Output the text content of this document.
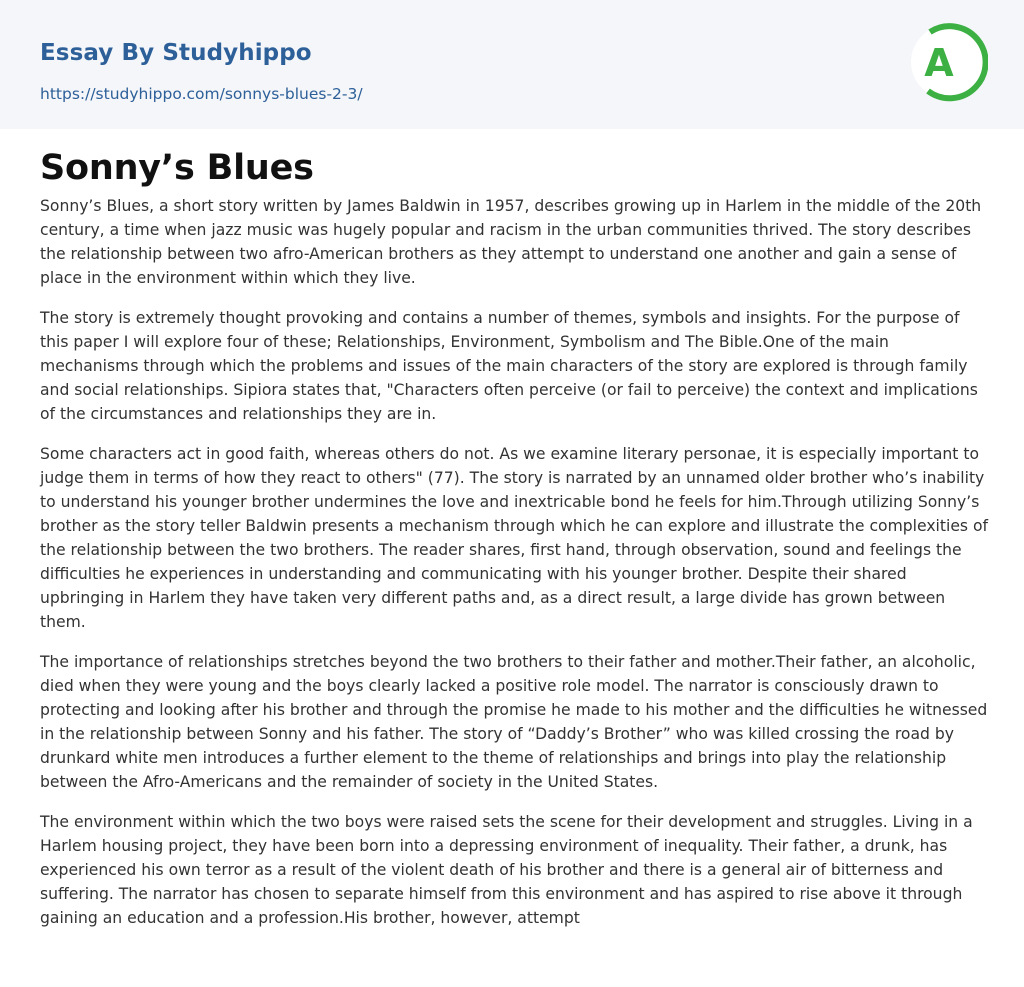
Essay By Studyhippo
https://studyhippo.com/sonnys-blues-2-3/
A
Sonny’s Blues

Sonny’s Blues, a short story written by James Baldwin in 1957, describes growing up in Harlem in the middle of the 20th century, a time when jazz music was hugely popular and racism in the urban communities thrived. The story describes the relationship between two afro-American brothers as they attempt to understand one another and gain a sense of place in the environment within which they live.

The story is extremely thought provoking and contains a number of themes, symbols and insights. For the purpose of this paper I will explore four of these; Relationships, Environment, Symbolism and The Bible.One of the main mechanisms through which the problems and issues of the main characters of the story are explored is through family and social relationships. Sipiora states that, "Characters often perceive (or fail to perceive) the context and implications of the circumstances and relationships they are in.

Some characters act in good faith, whereas others do not. As we examine literary personae, it is especially important to judge them in terms of how they react to others" (77). The story is narrated by an unnamed older brother who’s inability to understand his younger brother undermines the love and inextricable bond he feels for him.Through utilizing Sonny’s brother as the story teller Baldwin presents a mechanism through which he can explore and illustrate the complexities of the relationship between the two brothers. The reader shares, first hand, through observation, sound and feelings the difficulties he experiences in understanding and communicating with his younger brother. Despite their shared upbringing in Harlem they have taken very different paths and, as a direct result, a large divide has grown between them.

The importance of relationships stretches beyond the two brothers to their father and mother.Their father, an alcoholic, died when they were young and the boys clearly lacked a positive role model. The narrator is consciously drawn to protecting and looking after his brother and through the promise he made to his mother and the difficulties he witnessed in the relationship between Sonny and his father. The story of “Daddy’s Brother” who was killed crossing the road by drunkard white men introduces a further element to the theme of relationships and brings into play the relationship between the Afro-Americans and the remainder of society in the United States.

The environment within which the two boys were raised sets the scene for their development and struggles. Living in a Harlem housing project, they have been born into a depressing environment of inequality. Their father, a drunk, has experienced his own terror as a result of the violent death of his brother and there is a general air of bitterness and suffering. The narrator has chosen to separate himself from this environment and has aspired to rise above it through gaining an education and a profession.His brother, however, attempt
